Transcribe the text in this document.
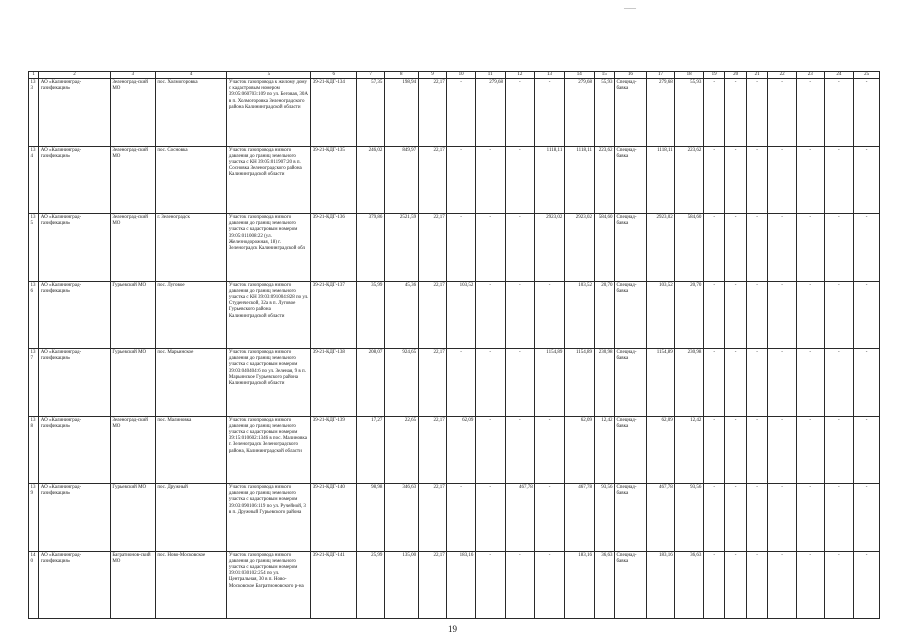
——
1	2	3	4	5	6	7	8	9	10	11	12	13	14	15	16	17	18	19	20	21	22	23	24	25
133	АО «Калининград-газификация»	Зеленоград-ский МО	пос. Холмогоровка	Участок газопровода к жилому дому с кадастровым номером 39:05:060703:109 по ул. Беговая, 30А в п. Холмогоровка Зеленоградского района Калининградской области	39-21-КДГ-134	57,35	198,94	22,17	-	279,68	-	-	279,68	55,93	Спецнад-бавка	279,68	55,93	-	-	-	-	-	-	-
134	АО «Калининград-газификация»	Зеленоград-ский МО	пос. Сосновка	Участок газопровода низкого давления до границ земельного участка с КН 39:05:011907:20 в п. Сосновка Зеленоградского района Калининградской области	39-21-КДГ-135	246,02	849,97	22,17	-	-	-	1118,11	1118,11	223,62	Спецнад-бавка	1118,11	223,62	-	-	-	-	-	-	-
135	АО «Калининград-газификация»	Зеленоград-ский МО	г. Зеленоградск	Участок газопровода низкого давления до границ земельного участка с кадастровым номером 39:05:011008:22 (ул. Железнодорожная, 18) г. Зеленоградск Калининградской обл	39-21-КДГ-136	379,86	2521,59	22,17	-	-	-	2923,02	2923,02	584,60	Спецнад-бавка	2923,02	584,60	-	-	-	-	-	-	-
136	АО «Калининград-газификация»	Гурьевский МО	пос. Луговое	Участок газопровода низкого давления до границ земельного участка с КН 39:03:091004:828 по ул. Студенческой, 32а в п. Луговое Гурьевского района Калининградской области	39-21-КДГ-137	35,99	45,36	22,17	103,52	-	-	-	103,52	20,70	Спецнад-бавка	103,52	20,70	-	-	-	-	-	-	-
137	АО «Калининград-газификация»	Гурьевский МО	пос. Марьинское	Участок газопровода низкого давления до границ земельного участка с кадастровым номером 39:03:040404:6 по ул. Зеленая, 9 в п. Марьинское Гурьевского района Калининградской области	39-21-КДГ-138	208,07	924,65	22,17	-	-	-	1154,89	1154,89	230,98	Спецнад-бавка	1154,89	230,98	-	-	-	-	-	-	-
138	АО «Калининград-газификация»	Зеленоград-ский МО	пос. Малиновка	Участок газопровода низкого давления до границ земельного участка с кадастровым номером 39:15:010602:1346 в пос. Малиновка г. Зеленоградск Зеленоградского района, Калининградской области	39-21-КДГ-139	17,27	22,65	22,17	62,09	-	-	-	62,09	12,42	Спецнад-бавка	62,09	12,42	-	-	-	-	-	-	-
139	АО «Калининград-газификация»	Гурьевский МО	пос. Дружный	Участок газопровода низкого давления до границ земельного участка с кадастровым номером 39:03:090106:119 по ул. Ручейной, 3 в п. Дружный Гурьевского района	39-21-КДГ-140	98,98	346,63	22,17	-	-	467,78	-	467,78	93,56	Спецнад-бавка	467,78	93,56	-	-	-	-	-	-	-
140	АО «Калининград-газификация»	Багратионов-ский МО	пос. Ново-Московское	Участок газопровода низкого давления до границ земельного участка с кадастровым номером 39:01:030102:254 по ул. Центральная, 30 в п. Ново-Московское Багратионовского р-на	39-21-КДГ-141	25,99	135,00	22,17	183,16	-	-	-	183,16	36,63	Спецнад-бавка	183,16	36,63	-	-	-	-	-	-	-
19
